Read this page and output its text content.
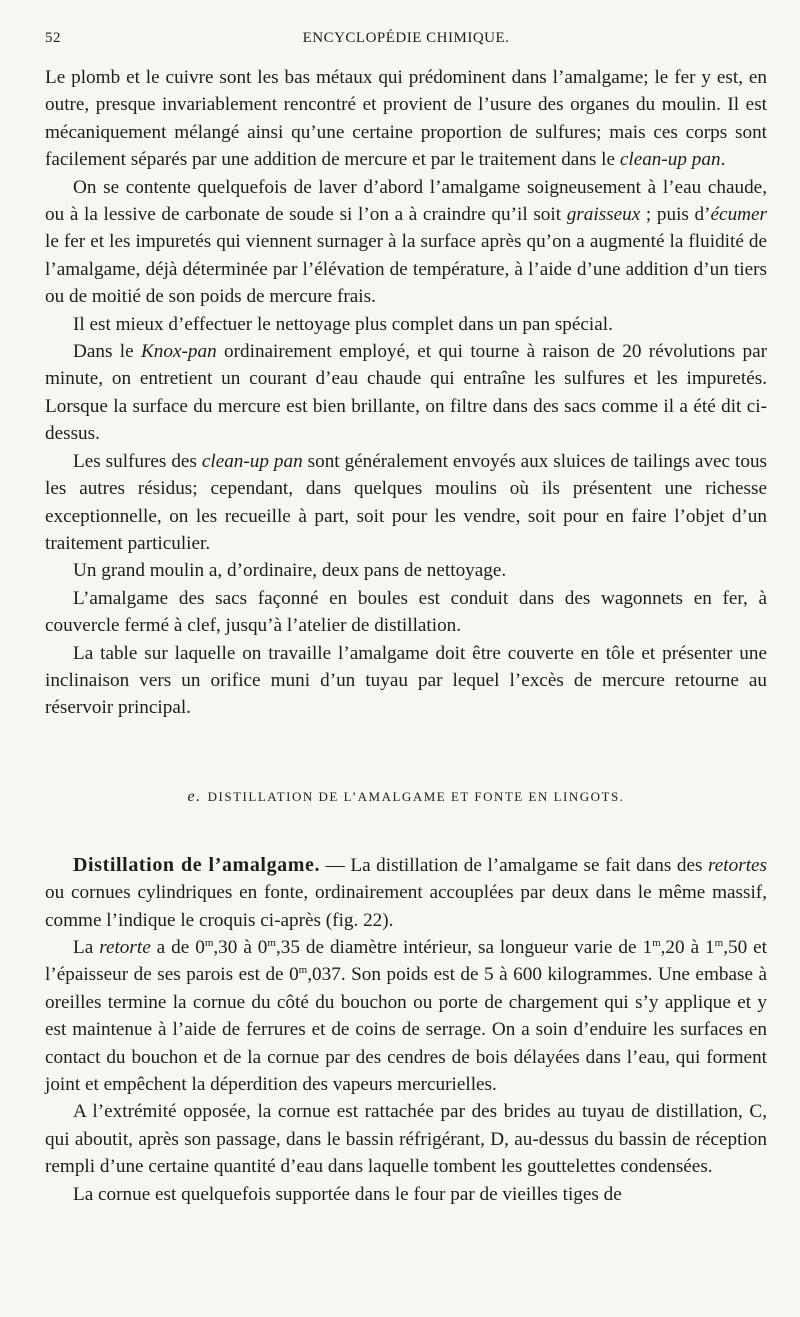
52	ENCYCLOPÉDIE CHIMIQUE.

Le plomb et le cuivre sont les bas métaux qui prédominent dans l’amalgame; le fer y est, en outre, presque invariablement rencontré et provient de l’usure des organes du moulin. Il est mécaniquement mélangé ainsi qu’une certaine proportion de sulfures; mais ces corps sont facilement séparés par une addition de mercure et par le traitement dans le clean-up pan.

On se contente quelquefois de laver d’abord l’amalgame soigneusement à l’eau chaude, ou à la lessive de carbonate de soude si l’on a à craindre qu’il soit graisseux ; puis d’écumer le fer et les impuretés qui viennent surnager à la surface après qu’on a augmenté la fluidité de l’amalgame, déjà déterminée par l’élévation de température, à l’aide d’une addition d’un tiers ou de moitié de son poids de mercure frais.

Il est mieux d’effectuer le nettoyage plus complet dans un pan spécial.

Dans le Knox-pan ordinairement employé, et qui tourne à raison de 20 révolutions par minute, on entretient un courant d’eau chaude qui entraîne les sulfures et les impuretés. Lorsque la surface du mercure est bien brillante, on filtre dans des sacs comme il a été dit ci-dessus.

Les sulfures des clean-up pan sont généralement envoyés aux sluices de tailings avec tous les autres résidus; cependant, dans quelques moulins où ils présentent une richesse exceptionnelle, on les recueille à part, soit pour les vendre, soit pour en faire l’objet d’un traitement particulier.

Un grand moulin a, d’ordinaire, deux pans de nettoyage.

L’amalgame des sacs façonné en boules est conduit dans des wagonnets en fer, à couvercle fermé à clef, jusqu’à l’atelier de distillation.

La table sur laquelle on travaille l’amalgame doit être couverte en tôle et présenter une inclinaison vers un orifice muni d’un tuyau par lequel l’excès de mercure retourne au réservoir principal.

e. DISTILLATION DE L’AMALGAME ET FONTE EN LINGOTS.

Distillation de l’amalgame. — La distillation de l’amalgame se fait dans des retortes ou cornues cylindriques en fonte, ordinairement accouplées par deux dans le même massif, comme l’indique le croquis ci-après (fig. 22).

La retorte a de 0$^m$,30 à 0$^m$,35 de diamètre intérieur, sa longueur varie de 1$^m$,20 à 1$^m$,50 et l’épaisseur de ses parois est de 0$^m$,037. Son poids est de 5 à 600 kilogrammes. Une embase à oreilles termine la cornue du côté du bouchon ou porte de chargement qui s’y applique et y est maintenue à l’aide de ferrures et de coins de serrage. On a soin d’enduire les surfaces en contact du bouchon et de la cornue par des cendres de bois délayées dans l’eau, qui forment joint et empêchent la déperdition des vapeurs mercurielles.

A l’extrémité opposée, la cornue est rattachée par des brides au tuyau de distillation, C, qui aboutit, après son passage, dans le bassin réfrigérant, D, au-dessus du bassin de réception rempli d’une certaine quantité d’eau dans laquelle tombent les gouttelettes condensées.

La cornue est quelquefois supportée dans le four par de vieilles tiges de
